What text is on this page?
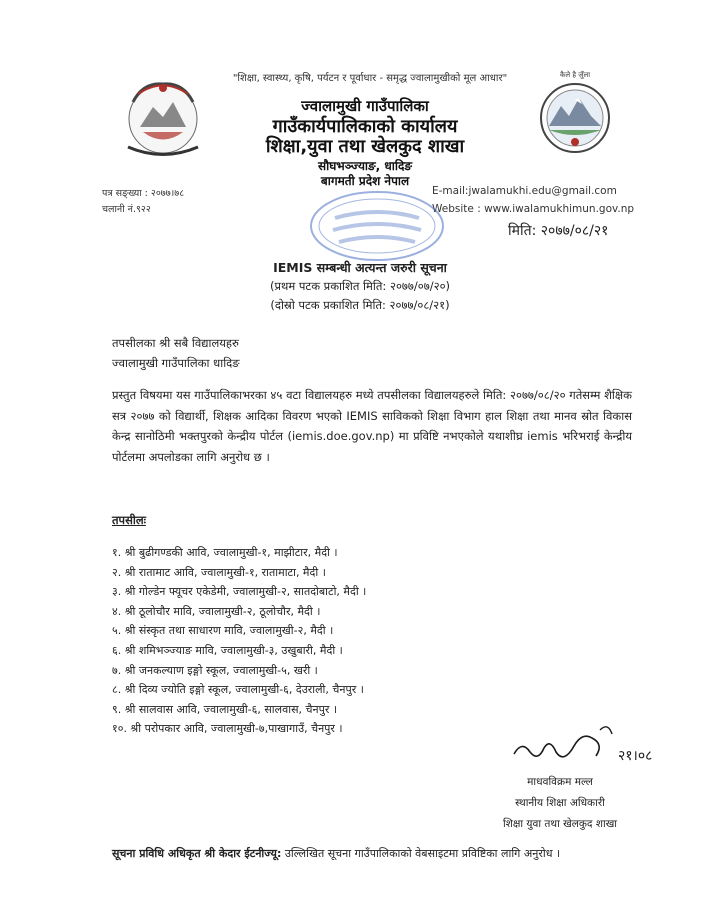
"शिक्षा, स्वास्थ्य, कृषि, पर्यटन र पूर्वाधार - समृद्ध ज्वालामुखीको मूल आधार"
ज्वालामुखी गाउँपालिका
गाउँकार्यपालिकाको कार्यालय
शिक्षा,युवा तथा खेलकुद शाखा
सौघभञ्ज्याङ, धादिङ
बागमती प्रदेश नेपाल
कैले है जुँला
पत्र सङ्ख्या : २०७७।७८
चलानी नं.९२२
E-mail:jwalamukhi.edu@gmail.com
Website : www.iwalamukhimun.gov.np
मिति: २०७७/०८/२१
IEMIS सम्बन्धी अत्यन्त जरुरी सूचना
(प्रथम पटक प्रकाशित मिति: २०७७/०७/२०)
(दोस्रो पटक प्रकाशित मिति: २०७७/०८/२१)
तपसीलका श्री सबै विद्यालयहरु
ज्वालामुखी गाउँपालिका धादिङ
प्रस्तुत विषयमा यस गाउँपालिकाभरका ४५ वटा विद्यालयहरु मध्ये तपसीलका विद्यालयहरुले मिति: २०७७/०८/२० गतेसम्म शैक्षिक सत्र २०७७ को विद्यार्थी, शिक्षक आदिका विवरण भएको IEMIS साविकको शिक्षा विभाग हाल शिक्षा तथा मानव स्रोत विकास केन्द्र सानोठिमी भक्तपुरको केन्द्रीय पोर्टल (iemis.doe.gov.np) मा प्रविष्टि नभएकोले यथाशीघ्र iemis भरिभराई केन्द्रीय पोर्टलमा अपलोडका लागि अनुरोध छ ।
तपसीलः
१. श्री बुढीगण्डकी आवि, ज्वालामुखी-१, माझीटार, मैदी ।
२. श्री रातामाट आवि, ज्वालामुखी-१, रातामाटा, मैदी ।
३. श्री गोल्डेन फ्यूचर एकेडेमी, ज्वालामुखी-२, सातदोबाटो, मैदी ।
४. श्री ठूलोचौर मावि, ज्वालामुखी-२, ठूलोचौर, मैदी ।
५. श्री संस्कृत तथा साधारण मावि, ज्वालामुखी-२, मैदी ।
६. श्री शमिभञ्ज्याङ मावि, ज्वालामुखी-३, उखुबारी, मैदी ।
७. श्री जनकल्याण इङ्गो स्कूल, ज्वालामुखी-५, खरी ।
८. श्री दिव्य ज्योति इङ्गो स्कूल, ज्वालामुखी-६, देउराली, चैनपुर ।
९. श्री सालवास आवि, ज्वालामुखी-६, सालवास, चैनपुर ।
१०. श्री परोपकार आवि, ज्वालामुखी-७,पाखागाउँ, चैनपुर ।
२१।०८
माधवविक्रम मल्ल
स्थानीय शिक्षा अधिकारी
शिक्षा युवा तथा खेलकुद शाखा
सूचना प्रविधि अधिकृत श्री केदार ईटनीज्यू: उल्लिखित सूचना गाउँपालिकाको वेबसाइटमा प्रविष्टिका लागि अनुरोध ।
